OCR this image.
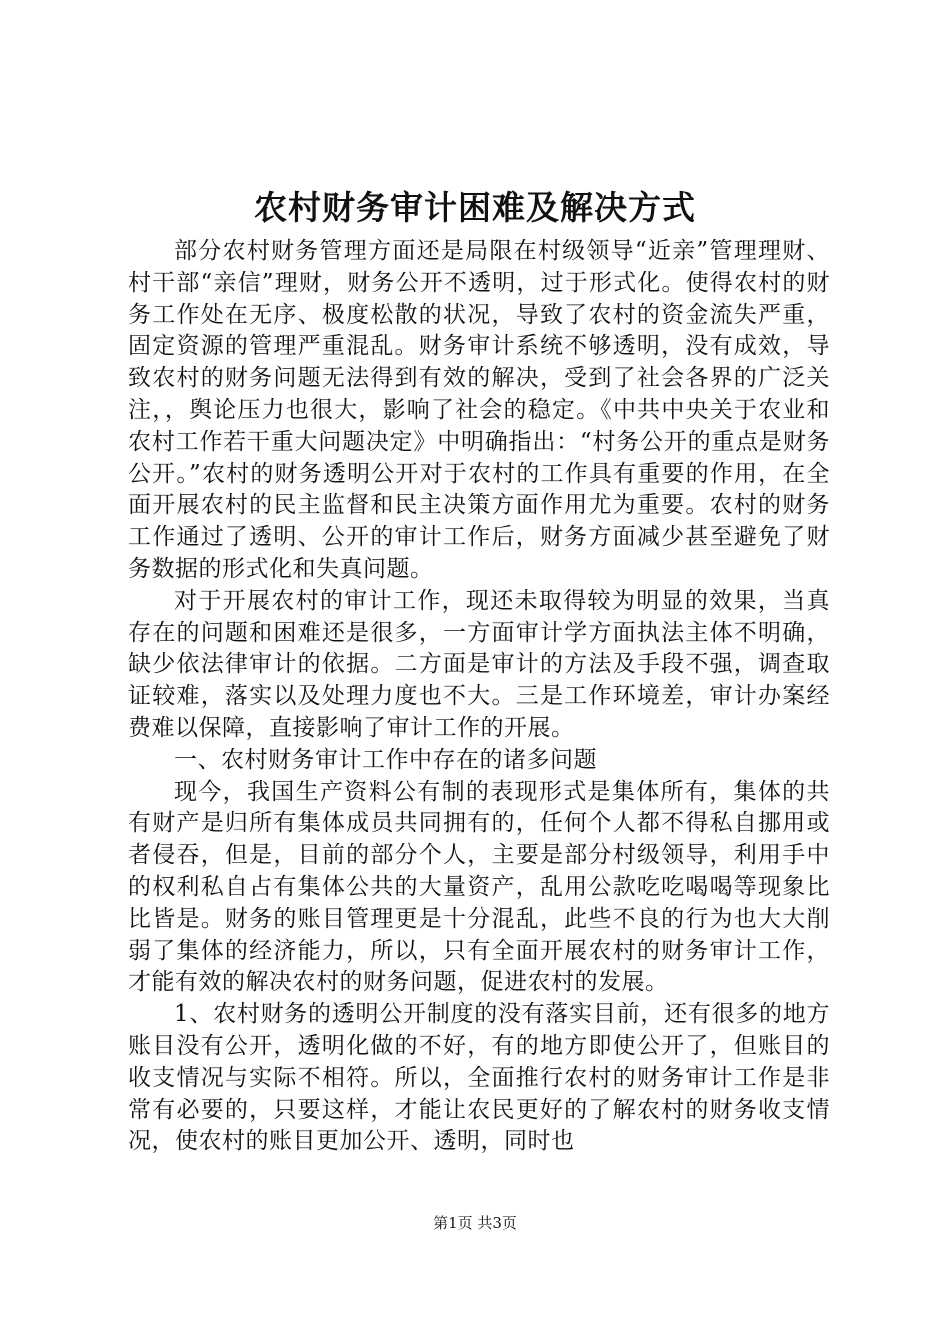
农村财务审计困难及解决方式

部分农村财务管理方面还是局限在村级领导“近亲”管理理财、村干部“亲信”理财，财务公开不透明，过于形式化。使得农村的财务工作处在无序、极度松散的状况，导致了农村的资金流失严重，固定资源的管理严重混乱。财务审计系统不够透明，没有成效，导致农村的财务问题无法得到有效的解决，受到了社会各界的广泛关注，，舆论压力也很大，影响了社会的稳定。《中共中央关于农业和农村工作若干重大问题决定》中明确指出：“村务公开的重点是财务公开。”农村的财务透明公开对于农村的工作具有重要的作用，在全面开展农村的民主监督和民主决策方面作用尤为重要。农村的财务工作通过了透明、公开的审计工作后，财务方面减少甚至避免了财务数据的形式化和失真问题。

对于开展农村的审计工作，现还未取得较为明显的效果，当真存在的问题和困难还是很多，一方面审计学方面执法主体不明确，缺少依法律审计的依据。二方面是审计的方法及手段不强，调查取证较难，落实以及处理力度也不大。三是工作环境差，审计办案经费难以保障，直接影响了审计工作的开展。

一、农村财务审计工作中存在的诸多问题

现今，我国生产资料公有制的表现形式是集体所有，集体的共有财产是归所有集体成员共同拥有的，任何个人都不得私自挪用或者侵吞，但是，目前的部分个人，主要是部分村级领导，利用手中的权利私自占有集体公共的大量资产，乱用公款吃吃喝喝等现象比比皆是。财务的账目管理更是十分混乱，此些不良的行为也大大削弱了集体的经济能力，所以，只有全面开展农村的财务审计工作，才能有效的解决农村的财务问题，促进农村的发展。

1、农村财务的透明公开制度的没有落实目前，还有很多的地方账目没有公开，透明化做的不好，有的地方即使公开了，但账目的收支情况与实际不相符。所以，全面推行农村的财务审计工作是非常有必要的，只要这样，才能让农民更好的了解农村的财务收支情况，使农村的账目更加公开、透明，同时也

第1页 共3页
